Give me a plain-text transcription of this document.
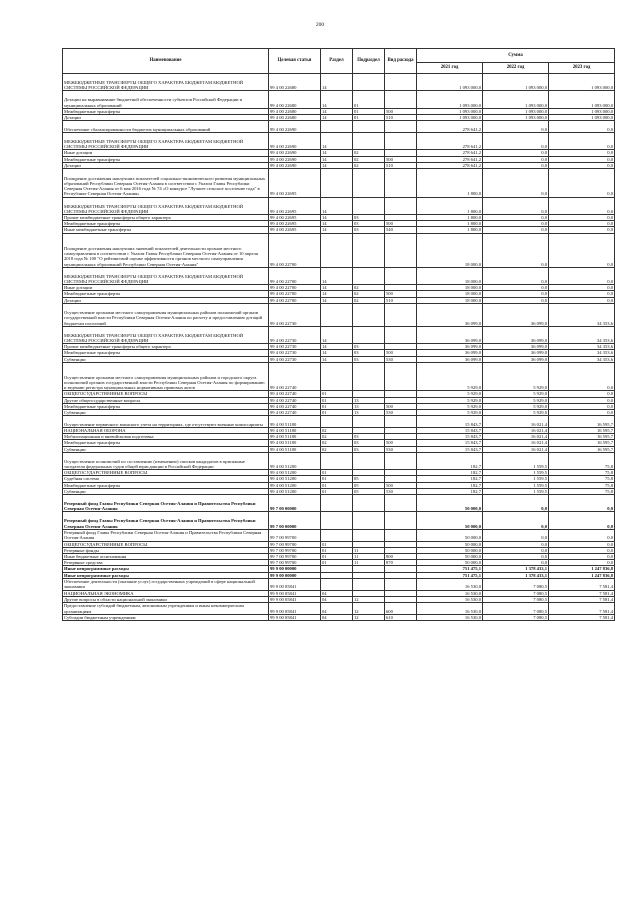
200
Наименование	Целевая статья	Раздел	Подраздел	Вид расхода	Сумма		
					2021 год	2022 год	2023 год
МЕЖБЮДЖЕТНЫЕ ТРАНСФЕРТЫ ОБЩЕГО ХАРАКТЕРА БЮДЖЕТАМ БЮДЖЕТНОЙ СИСТЕМЫ РОССИЙСКОЙ ФЕДЕРАЦИИ	99 4 00 22680	14			1 093 000,0	1 093 000,0	1 093 000,0
Дотации на выравнивание бюджетной обеспеченности субъектов Российской Федерации и муниципальных образований	99 4 00 22680	14	01		1 093 000,0	1 093 000,0	1 093 000,0
Межбюджетные трансферты	99 4 00 22680	14	01	500	1 093 000,0	1 093 000,0	1 093 000,0
Дотации	99 4 00 22680	14	01	510	1 093 000,0	1 093 000,0	1 093 000,0
Обеспечение сбалансированности бюджетов муниципальных образований	99 4 00 22690				278 641,2	0,0	0,0
МЕЖБЮДЖЕТНЫЕ ТРАНСФЕРТЫ ОБЩЕГО ХАРАКТЕРА БЮДЖЕТАМ БЮДЖЕТНОЙ СИСТЕМЫ РОССИЙСКОЙ ФЕДЕРАЦИИ	99 4 00 22690	14			278 641,2	0,0	0,0
Иные дотации	99 4 00 22690	14	02		278 641,2	0,0	0,0
Межбюджетные трансферты	99 4 00 22690	14	02	500	278 641,2	0,0	0,0
Дотации	99 4 00 22690	14	02	510	278 641,2	0,0	0,0
Поощрение достижения наилучших показателей социально-экономического развития муниципальных образований Республики Северная Осетия-Алания в соответствии с Указом Главы Республики Северная Осетия-Алания от 6 мая 2016 года № 74 «О конкурсе "Лучшее сельское поселение года" в Республике Северная Осетия-Алания»	99 4 00 22695				1 800,0	0,0	0,0
МЕЖБЮДЖЕТНЫЕ ТРАНСФЕРТЫ ОБЩЕГО ХАРАКТЕРА БЮДЖЕТАМ БЮДЖЕТНОЙ СИСТЕМЫ РОССИЙСКОЙ ФЕДЕРАЦИИ	99 4 00 22695	14			1 800,0	0,0	0,0
Прочие межбюджетные трансферты общего характера	99 4 00 22695	14	03		1 800,0	0,0	0,0
Межбюджетные трансферты	99 4 00 22695	14	03	500	1 800,0	0,0	0,0
Иные межбюджетные трансферты	99 4 00 22695	14	03	540	1 800,0	0,0	0,0
Поощрение достижения наилучших значений показателей деятельности органов местного самоуправления в соответствии с Указом Главы Республики Северная Осетия-Алания от 10 апреля 2018 года № 100 "О рейтинговой оценке эффективности органов местного самоуправления муниципальных образований Республики Северная Осетия-Алания"	99 4 00 22700				18 000,0	0,0	0,0
МЕЖБЮДЖЕТНЫЕ ТРАНСФЕРТЫ ОБЩЕГО ХАРАКТЕРА БЮДЖЕТАМ БЮДЖЕТНОЙ СИСТЕМЫ РОССИЙСКОЙ ФЕДЕРАЦИИ	99 4 00 22700	14			18 000,0	0,0	0,0
Иные дотации	99 4 00 22700	14	02		18 000,0	0,0	0,0
Межбюджетные трансферты	99 4 00 22700	14	02	500	18 000,0	0,0	0,0
Дотации	99 4 00 22700	14	02	510	18 000,0	0,0	0,0
Осуществление органами местного самоуправления муниципальных районов полномочий органов государственной власти Республики Северная Осетия-Алания по расчету и предоставлению дотаций бюджетам поселений	99 4 00 22730				36 099,0	36 099,0	34 353,6
МЕЖБЮДЖЕТНЫЕ ТРАНСФЕРТЫ ОБЩЕГО ХАРАКТЕРА БЮДЖЕТАМ БЮДЖЕТНОЙ СИСТЕМЫ РОССИЙСКОЙ ФЕДЕРАЦИИ	99 4 00 22730	14			36 099,0	36 099,0	34 353,6
Прочие межбюджетные трансферты общего характера	99 4 00 22730	14	03		36 099,0	36 099,0	34 353,6
Межбюджетные трансферты	99 4 00 22730	14	03	500	36 099,0	36 099,0	34 353,6
Субвенции	99 4 00 22730	14	03	530	36 099,0	36 099,0	34 353,6
Осуществление органами местного самоуправления муниципальных районов и городского округа полномочий органов государственной власти Республики Северная Осетия-Алания по формированию и ведению регистра муниципальных нормативных правовых актов	99 4 00 22740				5 929,0	5 929,0	0,0
ОБЩЕГОСУДАРСТВЕННЫЕ ВОПРОСЫ	99 4 00 22740	01			5 929,0	5 929,0	0,0
Другие общегосударственные вопросы	99 4 00 22740	01	13		5 929,0	5 929,0	0,0
Межбюджетные трансферты	99 4 00 22740	01	13	500	5 929,0	5 929,0	0,0
Субвенции	99 4 00 22740	01	13	530	5 929,0	5 929,0	0,0
Осуществление первичного воинского учета на территориях, где отсутствуют военные комиссариаты	99 4 00 51180				15 843,7	16 021,4	16 595,7
НАЦИОНАЛЬНАЯ ОБОРОНА	99 4 00 51180	02			15 843,7	16 021,4	16 595,7
Мобилизационная и вневойсковая подготовка	99 4 00 51180	02	03		15 843,7	16 021,4	16 595,7
Межбюджетные трансферты	99 4 00 51180	02	03	500	15 843,7	16 021,4	16 595,7
Субвенции	99 4 00 51180	02	03	530	15 843,7	16 021,4	16 595,7
Осуществление полномочий по составлению (изменению) списков кандидатов в присяжные заседатели федеральных судов общей юрисдикции в Российской Федерации	99 4 00 51200				182,7	1 559,5	75,8
ОБЩЕГОСУДАРСТВЕННЫЕ ВОПРОСЫ	99 4 00 51200	01			182,7	1 559,5	75,8
Судебная система	99 4 00 51200	01	05		182,7	1 559,5	75,8
Межбюджетные трансферты	99 4 00 51200	01	05	500	182,7	1 559,5	75,8
Субвенции	99 4 00 51200	01	05	530	182,7	1 559,5	75,8
Резервный фонд Главы Республики Северная Осетия-Алания и Правительства Республики Северная Осетия-Алания	99 7 00 00000				50 000,0	0,0	0,0
Резервный фонд Главы Республики Северная Осетия-Алания и Правительства Республики Северная Осетия-Алания	99 7 00 00000				50 000,0	0,0	0,0
Резервный фонд Главы Республики Северная Осетия-Алания и Правительства Республики Северная Осетия-Алания	99 7 00 99700				50 000,0	0,0	0,0
ОБЩЕГОСУДАРСТВЕННЫЕ ВОПРОСЫ	99 7 00 99700	01			50 000,0	0,0	0,0
Резервные фонды	99 7 00 99700	01	11		50 000,0	0,0	0,0
Иные бюджетные ассигнования	99 7 00 99700	01	11	800	50 000,0	0,0	0,0
Резервные средства	99 7 00 99700	01	11	870	50 000,0	0,0	0,0
Иные непрограммные расходы	99 9 00 00000				751 475,1	1 378 433,1	1 247 836,8
Иные непрограммные расходы	99 9 00 00000				751 475,1	1 378 433,1	1 247 836,8
Обеспечение деятельности (оказание услуг) государственных учреждений в сфере национальной экономики	99 9 00 05841				16 530,0	7 080,5	7 581,4
НАЦИОНАЛЬНАЯ ЭКОНОМИКА	99 9 00 05841	04			16 530,0	7 080,5	7 581,4
Другие вопросы в области национальной экономики	99 9 00 05841	04	12		16 530,0	7 080,5	7 581,4
Предоставление субсидий бюджетным, автономным учреждениям и иным некоммерческим организациям	99 9 00 05841	04	12	600	16 530,0	7 080,5	7 581,4
Субсидии бюджетным учреждениям	99 9 00 05841	04	12	610	16 530,0	7 080,5	7 581,4
